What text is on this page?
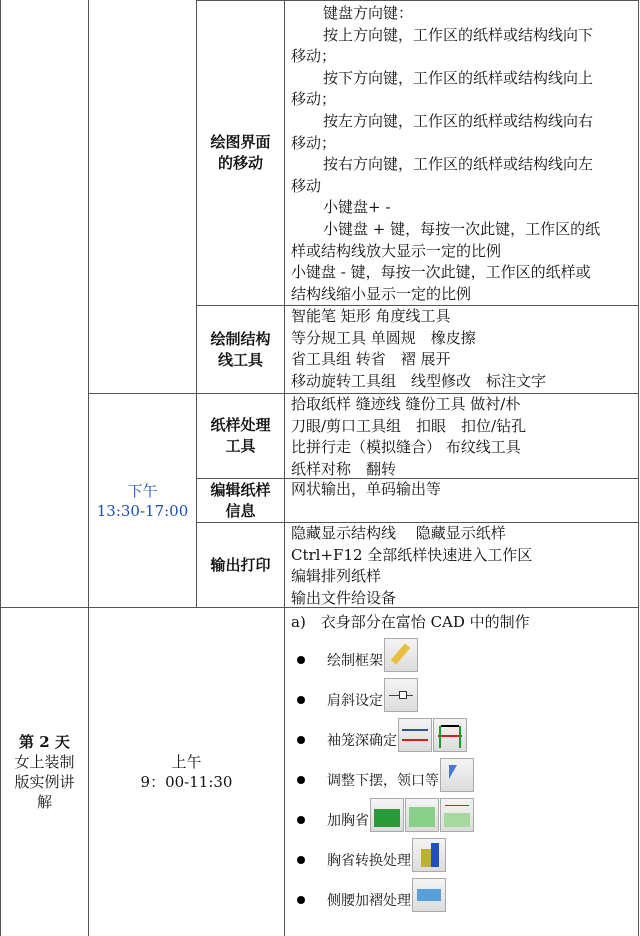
下午
13:30-17:00
绘图界面的移动
键盘方向键：
按上方向键，工作区的纸样或结构线向下
移动；
按下方向键，工作区的纸样或结构线向上
移动；
按左方向键，工作区的纸样或结构线向右
移动；
按右方向键，工作区的纸样或结构线向左
移动
小键盘+ -
小键盘 + 键，每按一次此键，工作区的纸
样或结构线放大显示一定的比例
小键盘 - 键，每按一次此键，工作区的纸样或
结构线缩小显示一定的比例
绘制结构线工具
智能笔 矩形 角度线工具
等分规工具 单圆规　橡皮擦
省工具组 转省　褶 展开
移动旋转工具组　线型修改　标注文字
纸样处理工具
拾取纸样 缝迹线 缝份工具 做衬/朴
刀眼/剪口工具组　扣眼　扣位/钻孔
比拼行走（模拟缝合） 布纹线工具
纸样对称　翻转
编辑纸样信息
网状输出，单码输出等
输出打印
隐藏显示结构线　 隐藏显示纸样
Ctrl+F12 全部纸样快速进入工作区
编辑排列纸样
输出文件给设备
第 2 天
女上装制版实例讲解
上午
9：00-11:30
a)　衣身部分在富怡 CAD 中的制作
绘制框架
肩斜设定
袖笼深确定
调整下摆，领口等
加胸省
胸省转换处理
侧腰加褶处理
